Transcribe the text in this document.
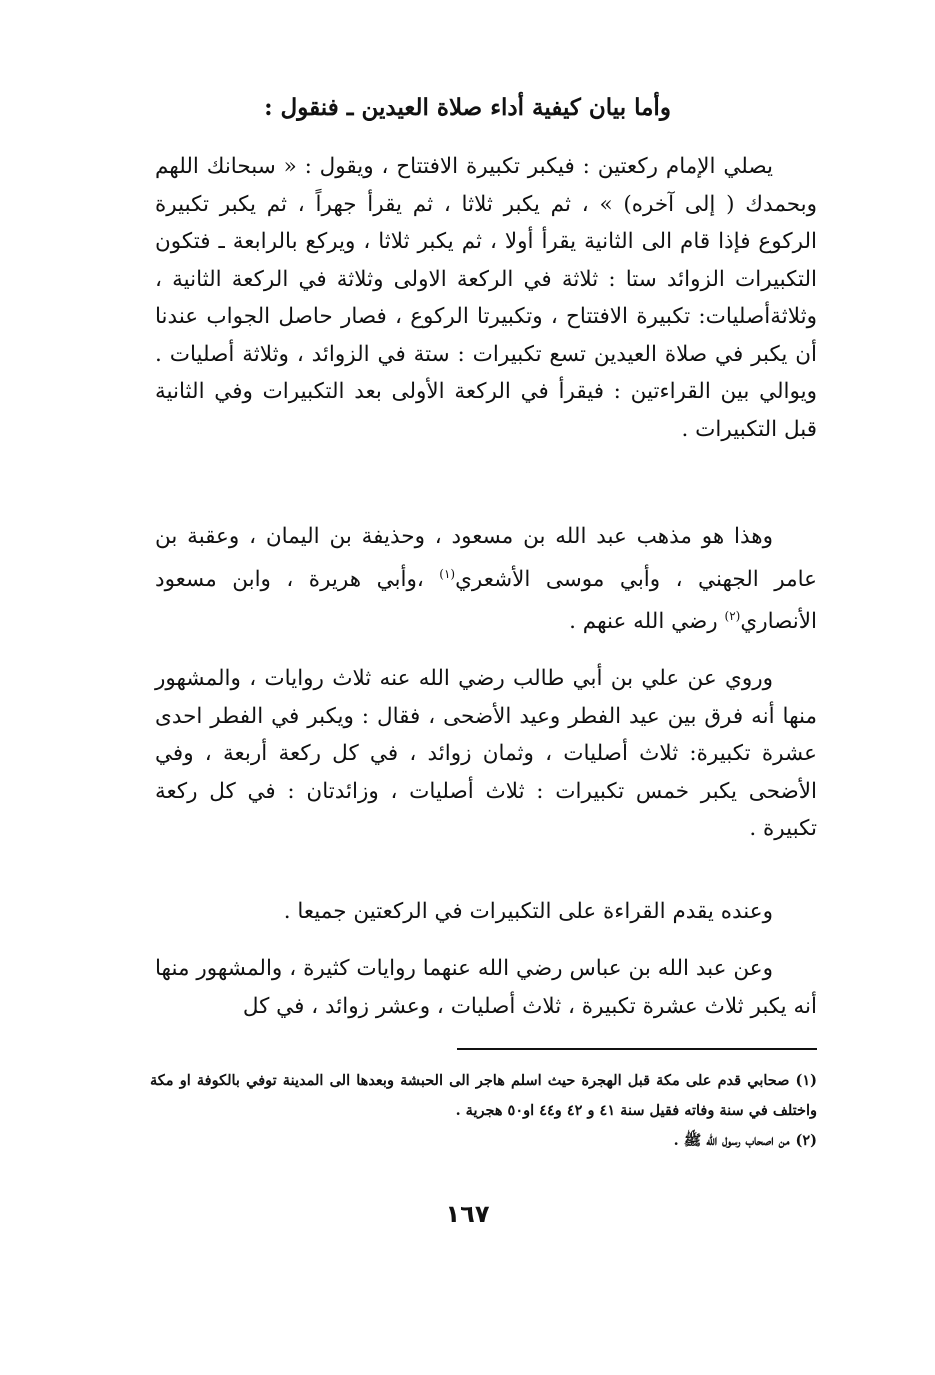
وأما بيان كيفية أداء صلاة العيدين ـ فنقول :

يصلي الإمام ركعتين : فيكبر تكبيرة الافتتاح ، ويقول : « سبحانك اللهم وبحمدك ( إلى آخره) » ، ثم يكبر ثلاثا ، ثم يقرأ جهراً ، ثم يكبر تكبيرة الركوع فإذا قام الى الثانية يقرأ أولا ، ثم يكبر ثلاثا ، ويركع بالرابعة ـ فتكون التكبيرات الزوائد ستا : ثلاثة في الركعة الاولى وثلاثة في الركعة الثانية ، وثلاثةأصليات: تكبيرة الافتتاح ، وتكبيرتا الركوع ، فصار حاصل الجواب عندنا أن يكبر في صلاة العيدين تسع تكبيرات : ستة في الزوائد ، وثلاثة أصليات . ويوالي بين القراءتين : فيقرأ في الركعة الأولى بعد التكبيرات وفي الثانية قبل التكبيرات .

وهذا هو مذهب عبد الله بن مسعود ، وحذيفة بن اليمان ، وعقبة بن عامر الجهني ، وأبي موسى الأشعري$^{(١)}$ ،وأبي هريرة ، وابن مسعود الأنصاري$^{(٢)}$ رضي الله عنهم .

وروي عن علي بن أبي طالب رضي الله عنه ثلاث روايات ، والمشهور منها أنه فرق بين عيد الفطر وعيد الأضحى ، فقال : ويكبر في الفطر احدى عشرة تكبيرة: ثلاث أصليات ، وثمان زوائد ، في كل ركعة أربعة ، وفي الأضحى يكبر خمس تكبيرات : ثلاث أصليات ، وزائدتان : في كل ركعة تكبيرة .

وعنده يقدم القراءة على التكبيرات في الركعتين جميعا .

وعن عبد الله بن عباس رضي الله عنهما روايات كثيرة ، والمشهور منها أنه يكبر ثلاث عشرة تكبيرة ، ثلاث أصليات ، وعشر زوائد ، في كل

(١)صحابي قدم على مكة قبل الهجرة حيث اسلم هاجر الى الحبشة وبعدها الى المدينة توفي بالكوفة او مكة واختلف في سنة وفاته فقيل سنة ٤١ و ٤٢ و٤٤ او٥٠ هجرية .

(٢)من اصحاب رسول الله ﷺ .

١٦٧
